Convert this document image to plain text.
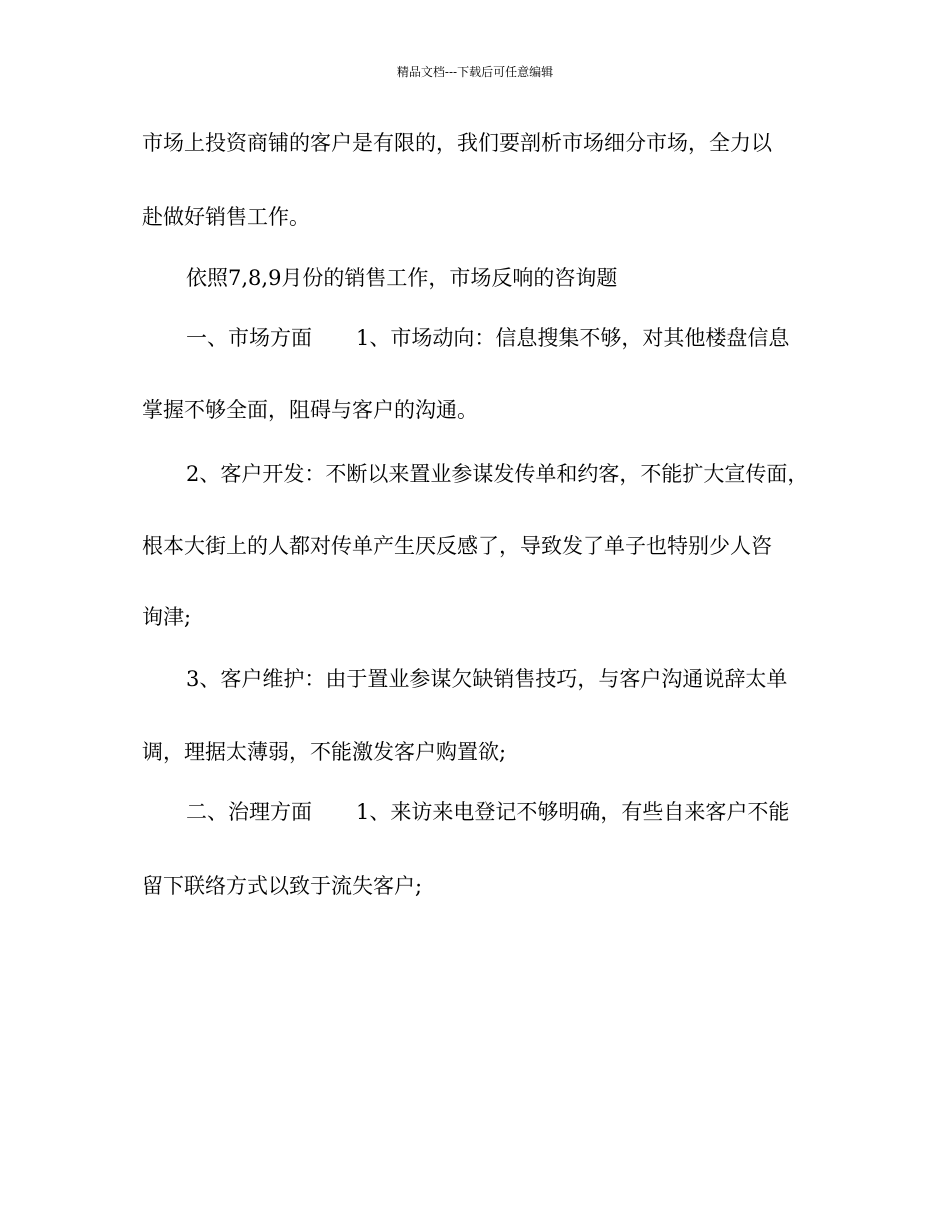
精品文档---下载后可任意编辑
市场上投资商铺的客户是有限的，我们要剖析市场细分市场，全力以
赴做好销售工作。
依照7,8,9月份的销售工作，市场反响的咨询题
一、市场方面 1、市场动向：信息搜集不够，对其他楼盘信息
掌握不够全面，阻碍与客户的沟通。
2、客户开发：不断以来置业参谋发传单和约客，不能扩大宣传面，
根本大街上的人都对传单产生厌反感了，导致发了单子也特别少人咨
询津;
3、客户维护：由于置业参谋欠缺销售技巧，与客户沟通说辞太单
调，理据太薄弱，不能激发客户购置欲;
二、治理方面 1、来访来电登记不够明确，有些自来客户不能
留下联络方式以致于流失客户;
